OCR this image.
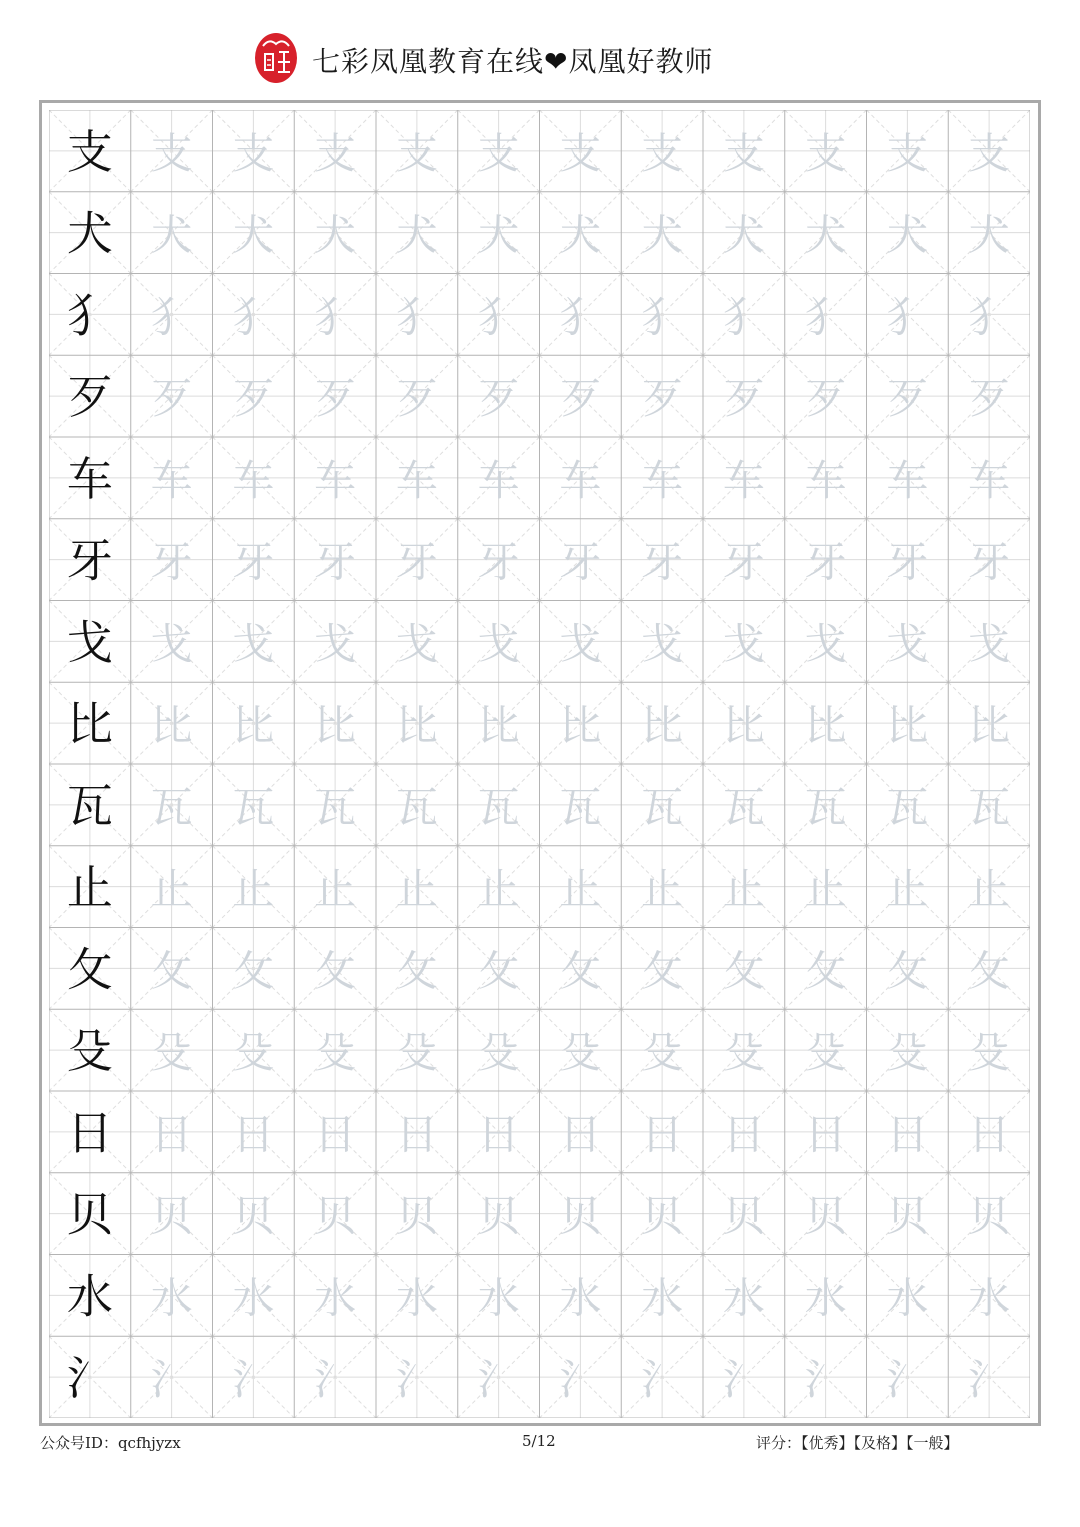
七彩凤凰教育在线❤凤凰好教师
支 支 支 支 支 支 支 支 支 支 支 支
犬 犬 犬 犬 犬 犬 犬 犬 犬 犬 犬 犬
犭 犭 犭 犭 犭 犭 犭 犭 犭 犭 犭 犭
歹 歹 歹 歹 歹 歹 歹 歹 歹 歹 歹 歹
车 车 车 车 车 车 车 车 车 车 车 车
牙 牙 牙 牙 牙 牙 牙 牙 牙 牙 牙 牙
戈 戈 戈 戈 戈 戈 戈 戈 戈 戈 戈 戈
比 比 比 比 比 比 比 比 比 比 比 比
瓦 瓦 瓦 瓦 瓦 瓦 瓦 瓦 瓦 瓦 瓦 瓦
止 止 止 止 止 止 止 止 止 止 止 止
攵 攵 攵 攵 攵 攵 攵 攵 攵 攵 攵 攵
殳 殳 殳 殳 殳 殳 殳 殳 殳 殳 殳 殳
日 日 日 日 日 日 日 日 日 日 日 日
贝 贝 贝 贝 贝 贝 贝 贝 贝 贝 贝 贝
水 水 水 水 水 水 水 水 水 水 水 水
氵 氵 氵 氵 氵 氵 氵 氵 氵 氵 氵 氵
公众号ID：qcfhjyzx	5/12	评分：【优秀】【及格】【一般】
